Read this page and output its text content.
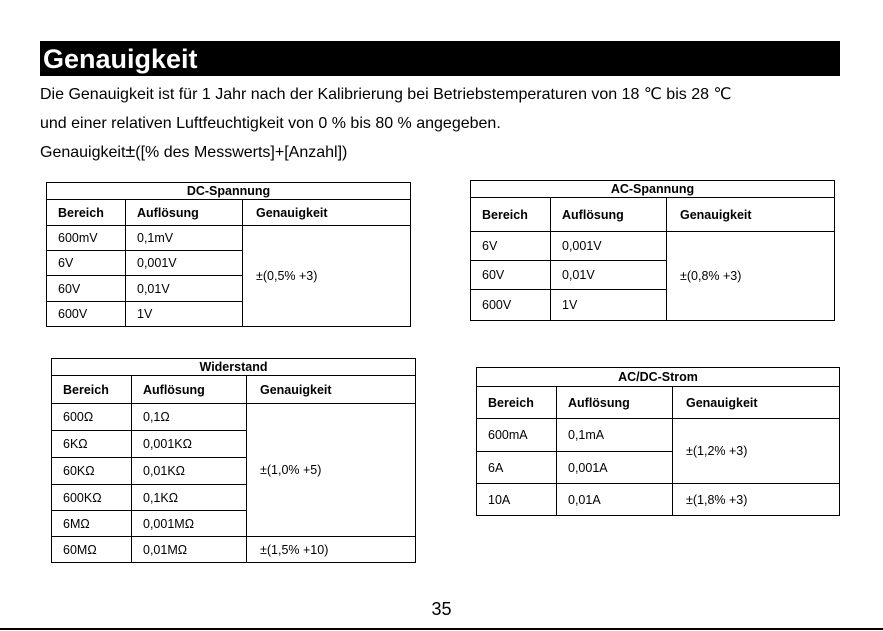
Genauigkeit
Die Genauigkeit ist für 1 Jahr nach der Kalibrierung bei Betriebstemperaturen von 18 ℃ bis 28 ℃
und einer relativen Luftfeuchtigkeit von 0 % bis 80 % angegeben.
Genauigkeit±([% des Messwerts]+[Anzahl])
DC-Spannung		
Bereich	Auflösung	Genauigkeit
600mV	0,1mV	±(0,5% +3)
6V	0,001V	
60V	0,01V	
600V	1V	
AC-Spannung		
Bereich	Auflösung	Genauigkeit
6V	0,001V	±(0,8% +3)
60V	0,01V	
600V	1V	
Widerstand		
Bereich	Auflösung	Genauigkeit
600Ω	0,1Ω	±(1,0% +5)
6KΩ	0,001KΩ	
60KΩ	0,01KΩ	
600KΩ	0,1KΩ	
6MΩ	0,001MΩ	
60MΩ	0,01MΩ	±(1,5% +10)
AC/DC-Strom		
Bereich	Auflösung	Genauigkeit
600mA	0,1mA	±(1,2% +3)
6A	0,001A	
10A	0,01A	±(1,8% +3)
35
